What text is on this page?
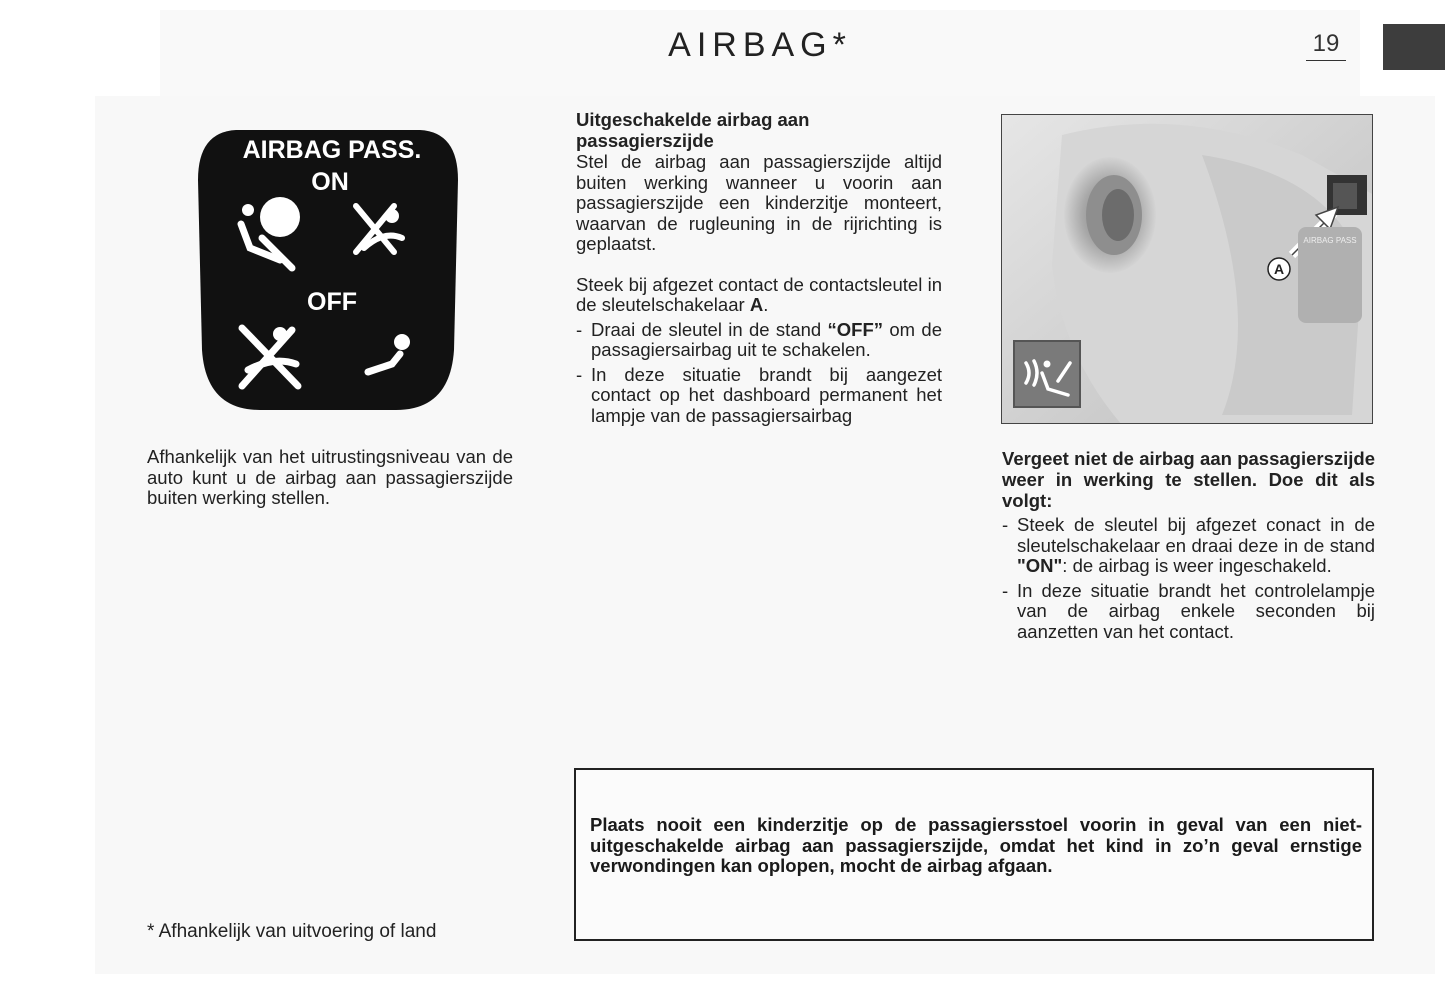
AIRBAG*	19
AIRBAG PASS.
ON
OFF

Afhankelijk van het uitrustingsniveau van de auto kunt u de airbag aan passagierszijde buiten werking stellen.

* Afhankelijk van uitvoering of land
Uitgeschakelde airbag aan passagierszijde

Stel de airbag aan passagierszijde altijd buiten werking wanneer u voorin aan passagierszijde een kinderzitje monteert, waarvan de rugleuning in de rijrichting is geplaatst.

Steek bij afgezet contact de contactsleutel in de sleutelschakelaar A.

- Draai de sleutel in de stand “OFF” om de passagiersairbag uit te schakelen.
- In deze situatie brandt bij aangezet contact op het dashboard permanent het lampje van de passagiersairbag
AIRBAG PASS
A
Vergeet niet de airbag aan passagierszijde weer in werking te stellen. Doe dit als volgt:
- Steek de sleutel bij afgezet conact in de sleutelschakelaar en draai deze in de stand "ON": de airbag is weer ingeschakeld.
- In deze situatie brandt het controlelampje van de airbag enkele seconden bij aanzetten van het contact.

Plaats nooit een kinderzitje op de passagiersstoel voorin in geval van een niet-uitgeschakelde airbag aan passagierszijde, omdat het kind in zo’n geval ernstige verwondingen kan oplopen, mocht de airbag afgaan.
